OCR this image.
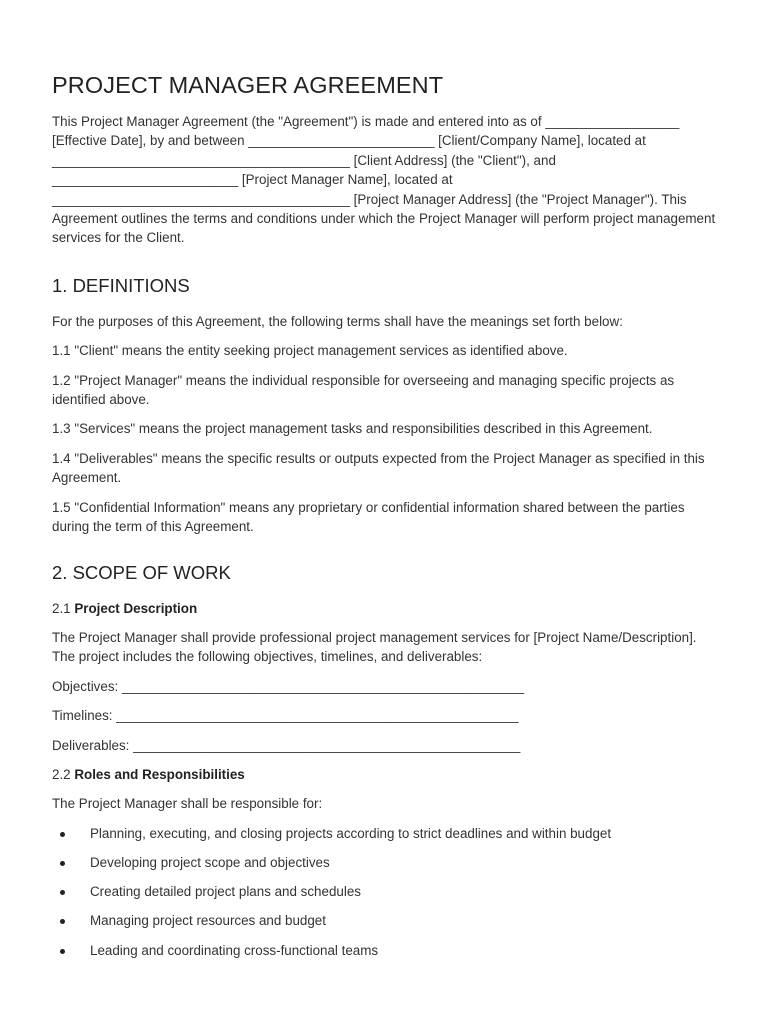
PROJECT MANAGER AGREEMENT

This Project Manager Agreement (the "Agreement") is made and entered into as of __________________ [Effective Date], by and between _________________________ [Client/Company Name], located at ________________________________________ [Client Address] (the "Client"), and _________________________ [Project Manager Name], located at ________________________________________ [Project Manager Address] (the "Project Manager"). This Agreement outlines the terms and conditions under which the Project Manager will perform project management services for the Client.

1. DEFINITIONS

For the purposes of this Agreement, the following terms shall have the meanings set forth below:

1.1 "Client" means the entity seeking project management services as identified above.

1.2 "Project Manager" means the individual responsible for overseeing and managing specific projects as identified above.

1.3 "Services" means the project management tasks and responsibilities described in this Agreement.

1.4 "Deliverables" means the specific results or outputs expected from the Project Manager as specified in this Agreement.

1.5 "Confidential Information" means any proprietary or confidential information shared between the parties during the term of this Agreement.

2. SCOPE OF WORK

2.1 Project Description

The Project Manager shall provide professional project management services for [Project Name/Description]. The project includes the following objectives, timelines, and deliverables:

Objectives: ______________________________________________________

Timelines: ______________________________________________________

Deliverables: ____________________________________________________

2.2 Roles and Responsibilities

The Project Manager shall be responsible for:

Planning, executing, and closing projects according to strict deadlines and within budget
Developing project scope and objectives
Creating detailed project plans and schedules
Managing project resources and budget
Leading and coordinating cross-functional teams
